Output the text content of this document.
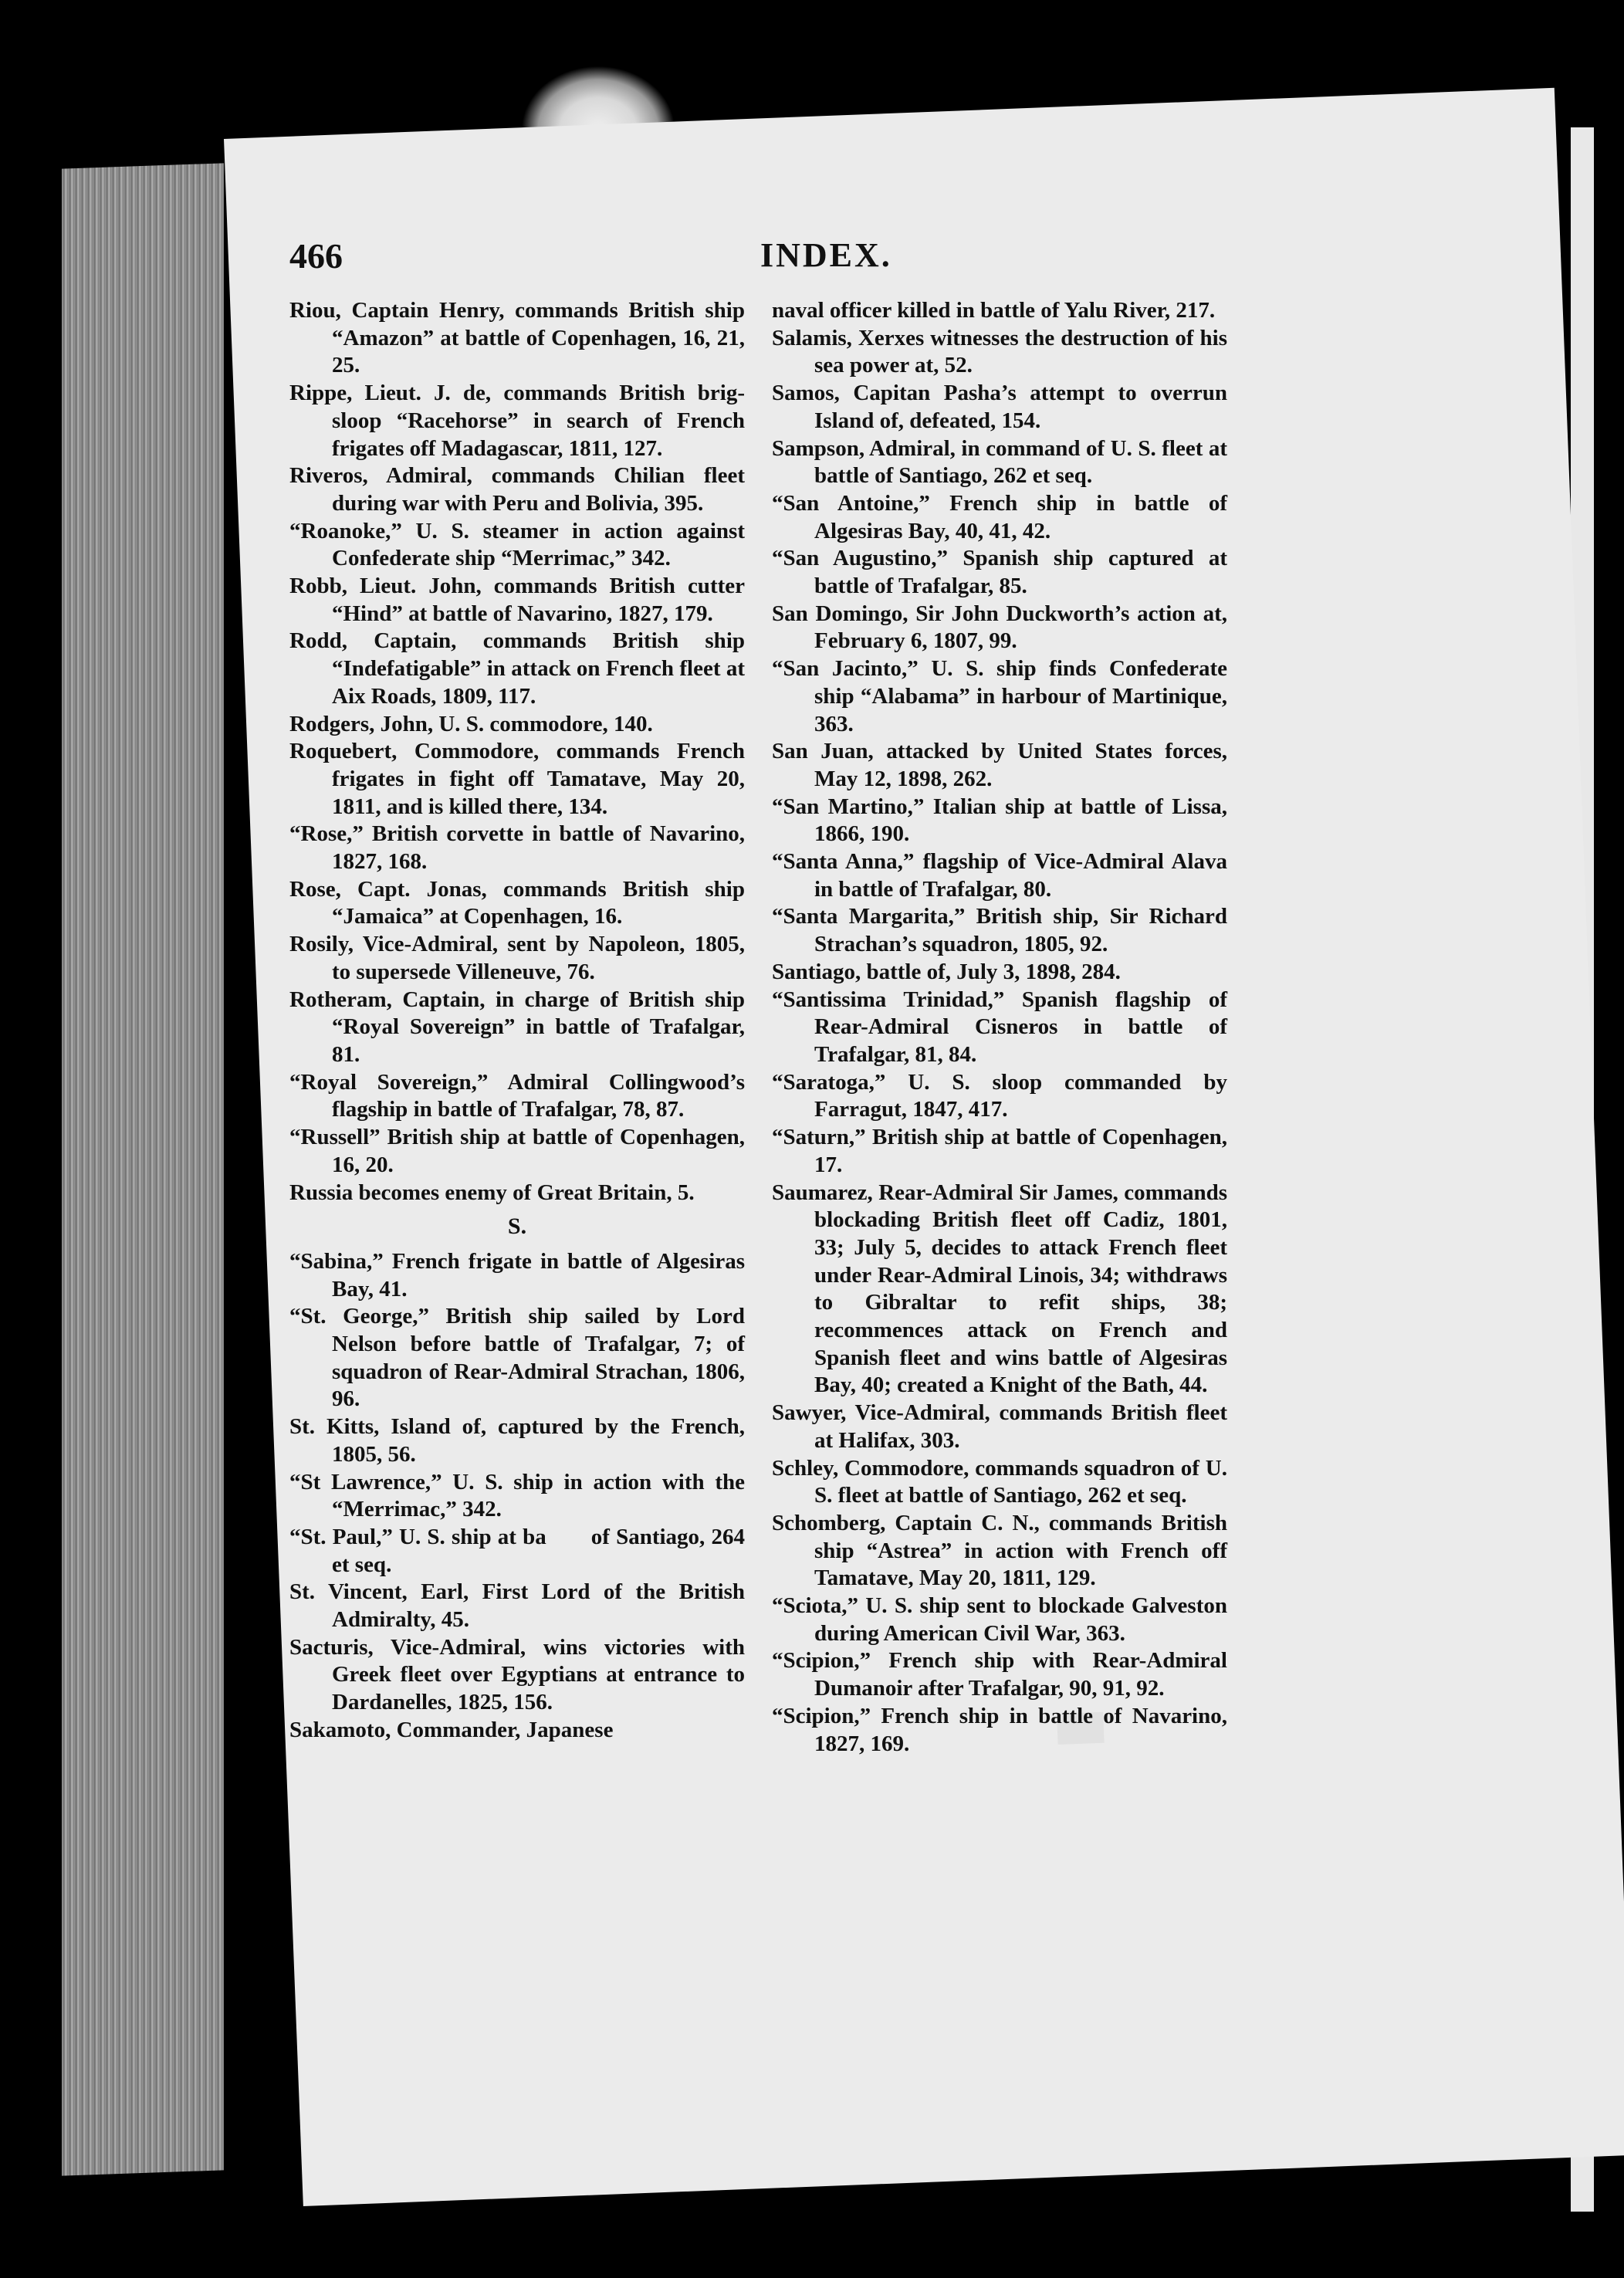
466	INDEX.

Riou, Captain Henry, commands British ship “Amazon” at battle of Copenhagen, 16, 21, 25.

Rippe, Lieut. J. de, commands British brig-sloop “Racehorse” in search of French frigates off Madagascar, 1811, 127.

Riveros, Admiral, commands Chilian fleet during war with Peru and Bolivia, 395.

“Roanoke,” U. S. steamer in action against Confederate ship “Merrimac,” 342.

Robb, Lieut. John, commands British cutter “Hind” at battle of Navarino, 1827, 179.

Rodd, Captain, commands British ship “Indefatigable” in attack on French fleet at Aix Roads, 1809, 117.

Rodgers, John, U. S. commodore, 140.

Roquebert, Commodore, commands French frigates in fight off Tamatave, May 20, 1811, and is killed there, 134.

“Rose,” British corvette in battle of Navarino, 1827, 168.

Rose, Capt. Jonas, commands British ship “Jamaica” at Copenhagen, 16.

Rosily, Vice-Admiral, sent by Napoleon, 1805, to supersede Villeneuve, 76.

Rotheram, Captain, in charge of British ship “Royal Sovereign” in battle of Trafalgar, 81.

“Royal Sovereign,” Admiral Collingwood’s flagship in battle of Trafalgar, 78, 87.

“Russell” British ship at battle of Copenhagen, 16, 20.

Russia becomes enemy of Great Britain, 5.

S.

“Sabina,” French frigate in battle of Algesiras Bay, 41.

“St. George,” British ship sailed by Lord Nelson before battle of Trafalgar, 7; of squadron of Rear-Admiral Strachan, 1806, 96.

St. Kitts, Island of, captured by the French, 1805, 56.

“St Lawrence,” U. S. ship in action with the “Merrimac,” 342.

“St. Paul,” U. S. ship at ba  of Santiago, 264 et seq.

St. Vincent, Earl, First Lord of the British Admiralty, 45.

Sacturis, Vice-Admiral, wins victories with Greek fleet over Egyptians at entrance to Dardanelles, 1825, 156.

Sakamoto, Commander, Japanese

naval officer killed in battle of Yalu River, 217.

Salamis, Xerxes witnesses the destruction of his sea power at, 52.

Samos, Capitan Pasha’s attempt to overrun Island of, defeated, 154.

Sampson, Admiral, in command of U. S. fleet at battle of Santiago, 262 et seq.

“San Antoine,” French ship in battle of Algesiras Bay, 40, 41, 42.

“San Augustino,” Spanish ship captured at battle of Trafalgar, 85.

San Domingo, Sir John Duckworth’s action at, February 6, 1807, 99.

“San Jacinto,” U. S. ship finds Confederate ship “Alabama” in harbour of Martinique, 363.

San Juan, attacked by United States forces, May 12, 1898, 262.

“San Martino,” Italian ship at battle of Lissa, 1866, 190.

“Santa Anna,” flagship of Vice-Admiral Alava in battle of Trafalgar, 80.

“Santa Margarita,” British ship, Sir Richard Strachan’s squadron, 1805, 92.

Santiago, battle of, July 3, 1898, 284.

“Santissima Trinidad,” Spanish flagship of Rear-Admiral Cisneros in battle of Trafalgar, 81, 84.

“Saratoga,” U. S. sloop commanded by Farragut, 1847, 417.

“Saturn,” British ship at battle of Copenhagen, 17.

Saumarez, Rear-Admiral Sir James, commands blockading British fleet off Cadiz, 1801, 33; July 5, decides to attack French fleet under Rear-Admiral Linois, 34; withdraws to Gibraltar to refit ships, 38; recommences attack on French and Spanish fleet and wins battle of Algesiras Bay, 40; created a Knight of the Bath, 44.

Sawyer, Vice-Admiral, commands British fleet at Halifax, 303.

Schley, Commodore, commands squadron of U. S. fleet at battle of Santiago, 262 et seq.

Schomberg, Captain C. N., commands British ship “Astrea” in action with French off Tamatave, May 20, 1811, 129.

“Sciota,” U. S. ship sent to blockade Galveston during American Civil War, 363.

“Scipion,” French ship with Rear-Admiral Dumanoir after Trafalgar, 90, 91, 92.

“Scipion,” French ship in battle of Navarino, 1827, 169.
